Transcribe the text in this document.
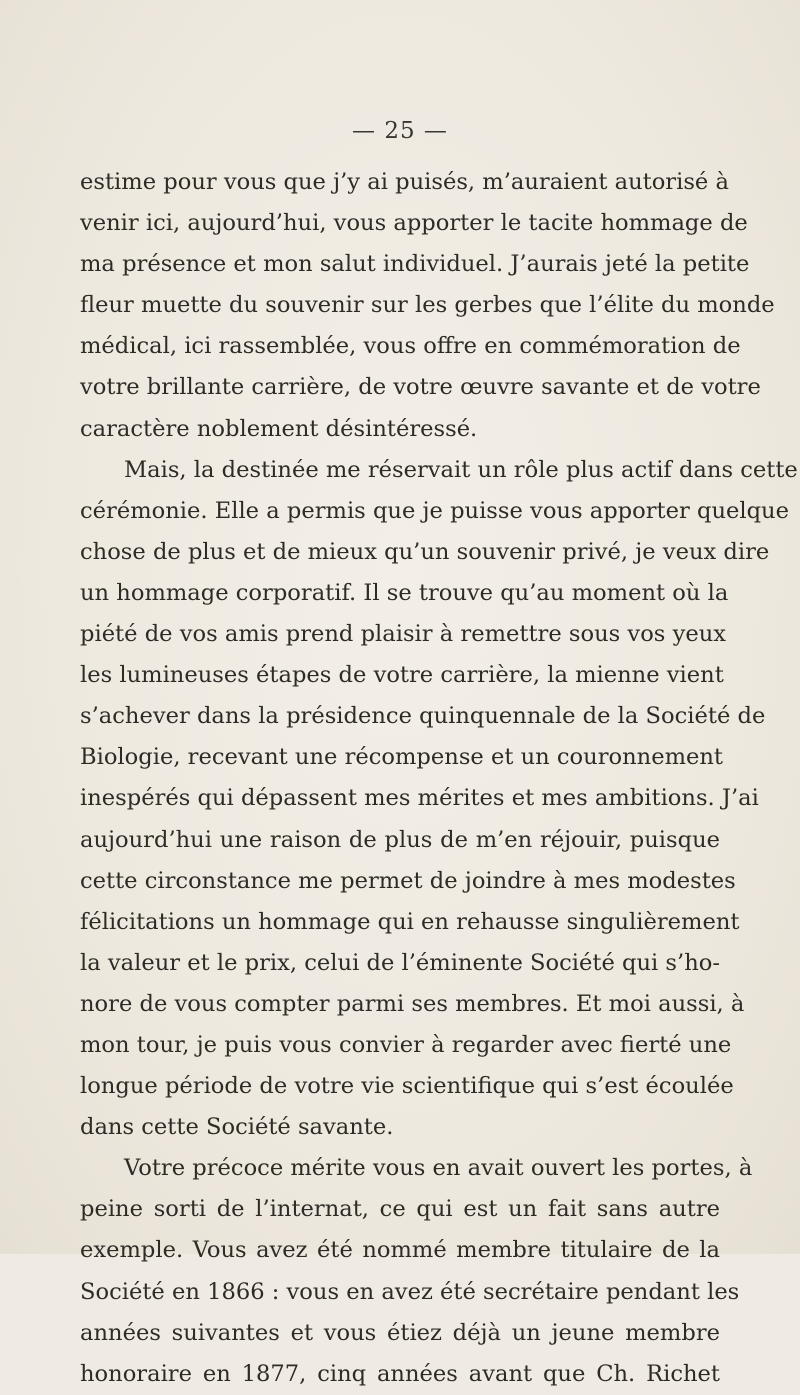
— 25 —
estime pour vous que j’y ai puisés, m’auraient autorisé à
venir ici, aujourd’hui, vous apporter le tacite hommage de
ma présence et mon salut individuel. J’aurais jeté la petite
fleur muette du souvenir sur les gerbes que l’élite du monde
médical, ici rassemblée, vous offre en commémoration de
votre brillante carrière, de votre œuvre savante et de votre
caractère noblement désintéressé.
Mais, la destinée me réservait un rôle plus actif dans cette
cérémonie. Elle a permis que je puisse vous apporter quelque
chose de plus et de mieux qu’un souvenir privé, je veux dire
un hommage corporatif. Il se trouve qu’au moment où la
piété de vos amis prend plaisir à remettre sous vos yeux
les lumineuses étapes de votre carrière, la mienne vient
s’achever dans la présidence quinquennale de la Société de
Biologie, recevant une récompense et un couronnement
inespérés qui dépassent mes mérites et mes ambitions. J’ai
aujourd’hui une raison de plus de m’en réjouir, puisque
cette circonstance me permet de joindre à mes modestes
félicitations un hommage qui en rehausse singulièrement
la valeur et le prix, celui de l’éminente Société qui s’ho-
nore de vous compter parmi ses membres. Et moi aussi, à
mon tour, je puis vous convier à regarder avec fierté une
longue période de votre vie scientifique qui s’est écoulée
dans cette Société savante.
Votre précoce mérite vous en avait ouvert les portes, à
peine sorti de l’internat, ce qui est un fait sans autre
exemple. Vous avez été nommé membre titulaire de la
Société en 1866 : vous en avez été secrétaire pendant les
années suivantes et vous étiez déjà un jeune membre
honoraire en 1877, cinq années avant que Ch. Richet
